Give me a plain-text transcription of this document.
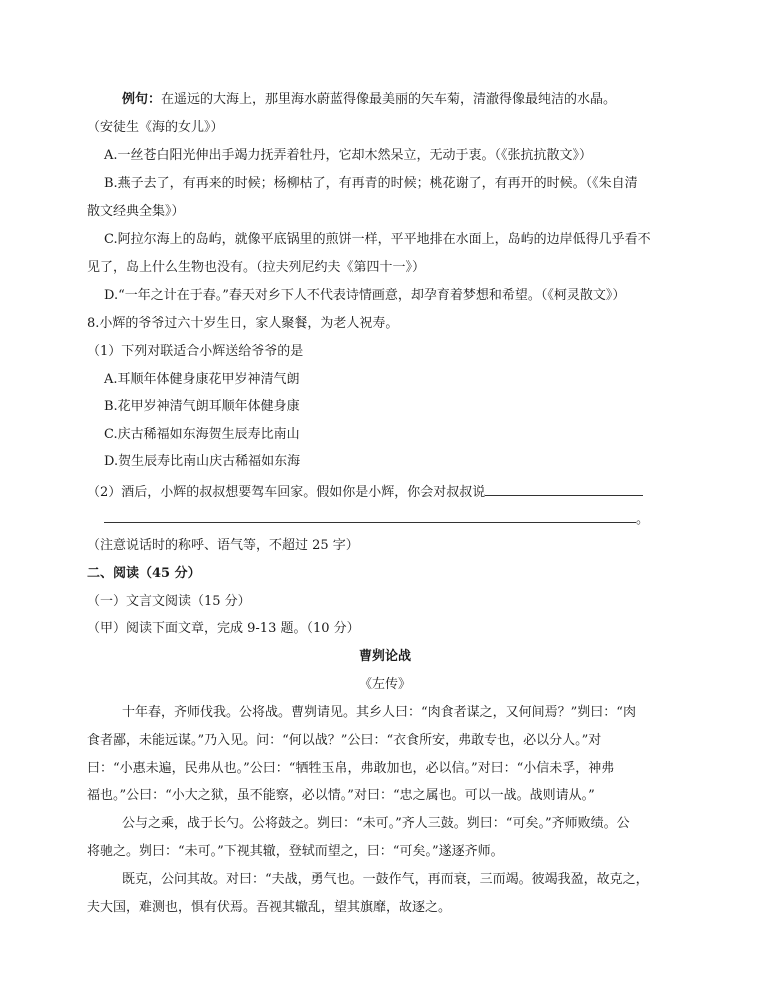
例句：在遥远的大海上，那里海水蔚蓝得像最美丽的矢车菊，清澈得像最纯洁的水晶。
（安徒生《海的女儿》）
A.一丝苍白阳光伸出手竭力抚弄着牡丹，它却木然呆立，无动于衷。（《张抗抗散文》）
B.燕子去了，有再来的时候；杨柳枯了，有再青的时候；桃花谢了，有再开的时候。（《朱自清
散文经典全集》）
C.阿拉尔海上的岛屿，就像平底锅里的煎饼一样，平平地排在水面上，岛屿的边岸低得几乎看不
见了，岛上什么生物也没有。（拉夫列尼约夫《第四十一》）
D.“一年之计在于春。”春天对乡下人不代表诗情画意，却孕育着梦想和希望。（《柯灵散文》）
8.小辉的爷爷过六十岁生日，家人聚餐，为老人祝寿。
（1）下列对联适合小辉送给爷爷的是
A.耳顺年体健身康花甲岁神清气朗
B.花甲岁神清气朗耳顺年体健身康
C.庆古稀福如东海贺生辰寿比南山
D.贺生辰寿比南山庆古稀福如东海
（2）酒后，小辉的叔叔想要驾车回家。假如你是小辉，你会对叔叔说
。
（注意说话时的称呼、语气等，不超过 25 字）
二、阅读（45 分）
（一）文言文阅读（15 分）
（甲）阅读下面文章，完成 9-13 题。（10 分）
曹刿论战
《左传》
十年春，齐师伐我。公将战。曹刿请见。其乡人曰：“肉食者谋之，又何间焉？”刿曰：“肉
食者鄙，未能远谋。”乃入见。问：“何以战？”公曰：“衣食所安，弗敢专也，必以分人。”对
曰：“小惠未遍，民弗从也。”公曰：“牺牲玉帛，弗敢加也，必以信。”对曰：“小信未孚，神弗
福也。”公曰：“小大之狱，虽不能察，必以情。”对曰：“忠之属也。可以一战。战则请从。”
公与之乘，战于长勺。公将鼓之。刿曰：“未可。”齐人三鼓。刿曰：“可矣。”齐师败绩。公
将驰之。刿曰：“未可。”下视其辙，登轼而望之，曰：“可矣。”遂逐齐师。
既克，公问其故。对曰：“夫战，勇气也。一鼓作气，再而衰，三而竭。彼竭我盈，故克之，
夫大国，难测也，惧有伏焉。吾视其辙乱，望其旗靡，故逐之。
